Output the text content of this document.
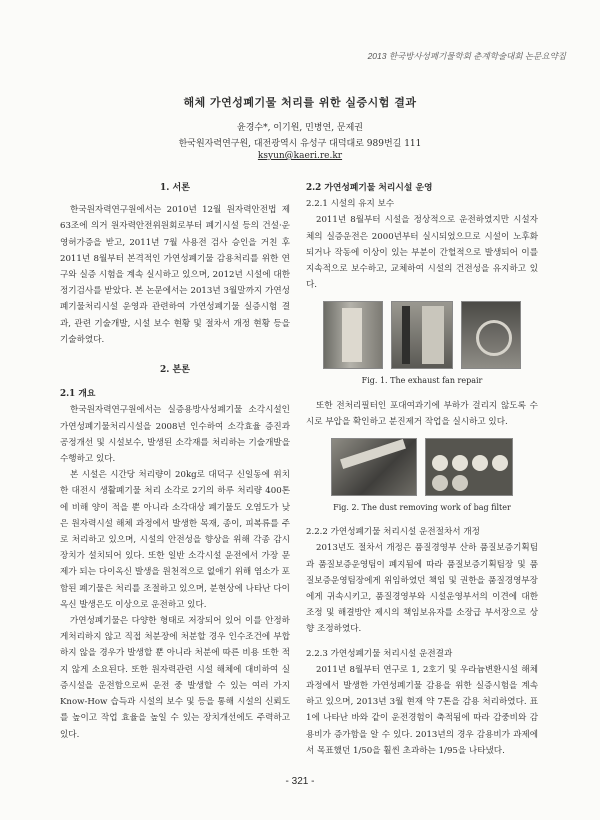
2013 한국방사성폐기물학회 춘계학술대회 논문요약집
해체 가연성폐기물 처리를 위한 실증시험 결과
윤경수*, 이기원, 민병연, 문제권
한국원자력연구원, 대전광역시 유성구 대덕대로 989번길 111
ksyun@kaeri.re.kr

1. 서론

한국원자력연구원에서는 2010년 12월 원자력안전법 제63조에 의거 원자력안전위원회로부터 폐기시설 등의 건설·운영허가증을 받고, 2011년 7월 사용전 검사 승인을 거친 후 2011년 8월부터 본격적인 가연성폐기물 감용처리를 위한 연구와 실증 시험을 계속 실시하고 있으며, 2012년 시설에 대한 정기검사를 받았다. 본 논문에서는 2013년 3월말까지 가연성폐기물처리시설 운영과 관련하여 가연성폐기물 실증시험 결과, 관련 기술개발, 시설 보수 현황 및 절차서 개정 현황 등을 기술하였다.

2. 본론

2.1 개요

한국원자력연구원에서는 실증용방사성폐기물 소각시설인 가연성폐기물처리시설을 2008년 인수하여 소각효율 증진과 공정개선 및 시설보수, 발생된 소각재를 처리하는 기술개발을 수행하고 있다.

본 시설은 시간당 처리량이 20kg로 대덕구 신일동에 위치한 대전시 생활폐기물 처리 소각로 2기의 하루 처리량 400톤에 비해 양이 적을 뿐 아니라 소각대상 폐기물도 오염도가 낮은 원자력시설 해체 과정에서 발생한 목재, 종이, 피복류를 주로 처리하고 있으며, 시설의 안전성을 향상을 위해 각종 감시장치가 설치되어 있다. 또한 일반 소각시설 운전에서 가장 문제가 되는 다이옥신 발생을 원천적으로 없애기 위해 염소가 포함된 폐기물은 처리를 조절하고 있으며, 분현상에 나타난 다이옥신 발생은도 이상으로 운전하고 있다.

가연성폐기물은 다양한 형태로 저장되어 있어 이를 안정하게처리하지 않고 직접 처분장에 처분할 경우 인수조건에 부합하지 않을 경우가 발생할 뿐 아니라 처분에 따른 비용 또한 적지 않게 소요된다. 또한 원자력관련 시설 해체에 대비하여 실증시설을 운전함으로써 운전 중 발생할 수 있는 여러 가지 Know-How 습득과 시설의 보수 및 등을 통해 시설의 신뢰도를 높이고 작업 효율을 높일 수 있는 장치개선에도 주력하고 있다.

2.2 가연성폐기물 처리시설 운영

2.2.1 시설의 유지 보수

2011년 8월부터 시설을 정상적으로 운전하였지만 시설자체의 실증운전은 2000년부터 실시되었으므로 시설이 노후화되거나 작동에 이상이 있는 부분이 간헐적으로 발생되어 이를 지속적으로 보수하고, 교체하여 시설의 건전성을 유지하고 있다.

Fig. 1. The exhaust fan repair

또한 전처리필터인 포대여과기에 부하가 걸리지 않도록 수시로 부압을 확인하고 분진제거 작업을 실시하고 있다.

Fig. 2. The dust removing work of bag filter

2.2.2 가연성폐기물 처리시설 운전절차서 개정

2013년도 절차서 개정은 품질경영부 산하 품질보증기획팀과 품질보증운영팀이 폐지됨에 따라 품질보증기획팀장 및 품질보증운영팀장에게 위임하였던 책임 및 권한을 품질경영부장에게 귀속시키고, 품질경영부와 시설운영부서의 이견에 대한 조정 및 해결방안 제시의 책임보유자를 소장급 부서장으로 상향 조정하였다.

2.2.3 가연성폐기물 처리시설 운전결과

2011년 8월부터 연구로 1, 2호기 및 우라늄변환시설 해체과정에서 발생한 가연성폐기물 감용을 위한 실증시험을 계속하고 있으며, 2013년 3월 현재 약 7톤을 감용 처리하였다. 표 1에 나타난 바와 같이 운전경험이 축적됨에 따라 감중비와 감용비가 증가함을 알 수 있다. 2013년의 경우 감용비가 과제에서 목표했던 1/50을 훨씬 초과하는 1/95을 나타냈다.

- 321 -
